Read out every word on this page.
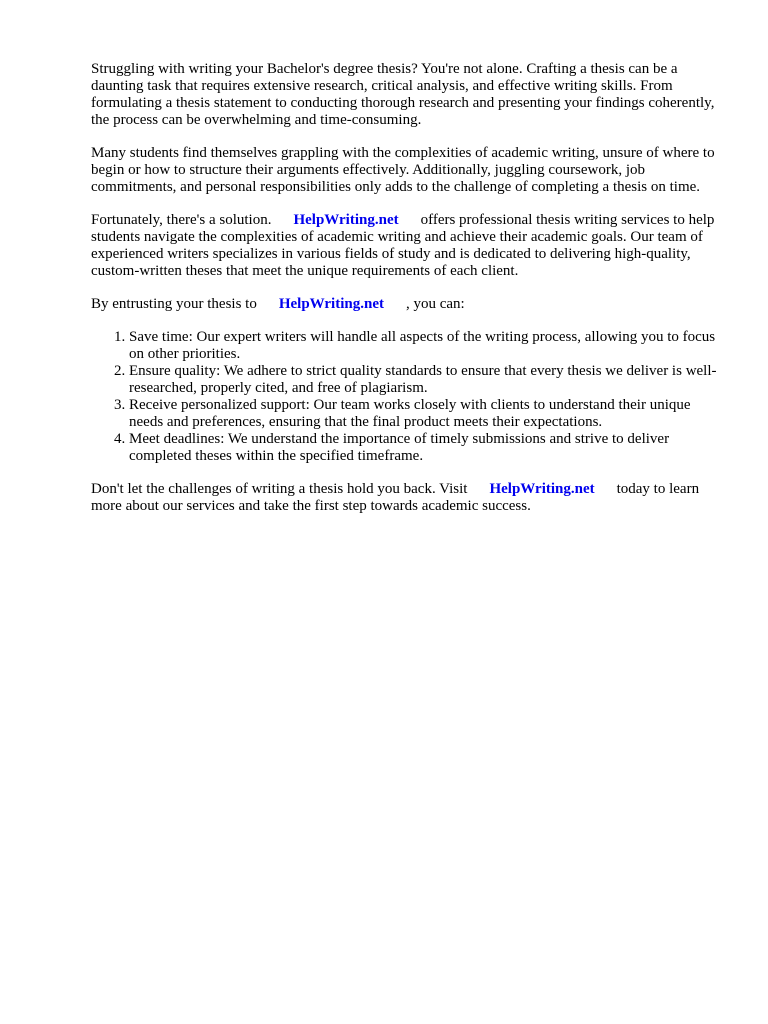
Struggling with writing your Bachelor's degree thesis? You're not alone. Crafting a thesis can be a daunting task that requires extensive research, critical analysis, and effective writing skills. From formulating a thesis statement to conducting thorough research and presenting your findings coherently, the process can be overwhelming and time-consuming.

Many students find themselves grappling with the complexities of academic writing, unsure of where to begin or how to structure their arguments effectively. Additionally, juggling coursework, job commitments, and personal responsibilities only adds to the challenge of completing a thesis on time.

Fortunately, there's a solution. HelpWriting.net offers professional thesis writing services to help students navigate the complexities of academic writing and achieve their academic goals. Our team of experienced writers specializes in various fields of study and is dedicated to delivering high-quality, custom-written theses that meet the unique requirements of each client.

By entrusting your thesis to HelpWriting.net , you can:

1. Save time: Our expert writers will handle all aspects of the writing process, allowing you to focus on other priorities.
2. Ensure quality: We adhere to strict quality standards to ensure that every thesis we deliver is well-researched, properly cited, and free of plagiarism.
3. Receive personalized support: Our team works closely with clients to understand their unique needs and preferences, ensuring that the final product meets their expectations.
4. Meet deadlines: We understand the importance of timely submissions and strive to deliver completed theses within the specified timeframe.

Don't let the challenges of writing a thesis hold you back. Visit HelpWriting.net today to learn more about our services and take the first step towards academic success.
